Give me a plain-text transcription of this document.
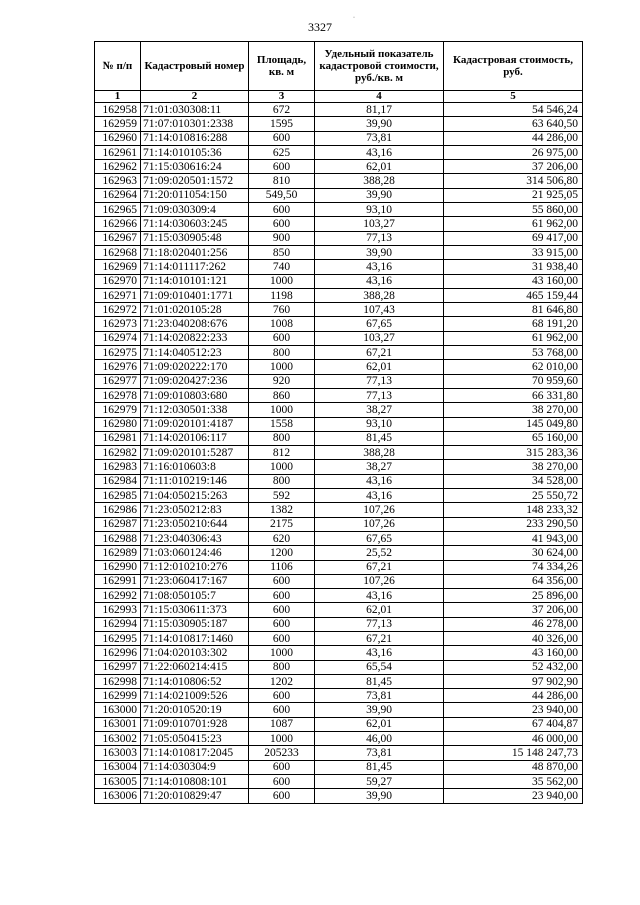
3327
·
№ п/п	Кадастровый номер	Площадь, кв. м	Удельный показатель кадастровой стоимости, руб./кв. м	Кадастровая стоимость, руб.
1	2	3	4	5
162958	71:01:030308:11	672	81,17	54 546,24
162959	71:07:010301:2338	1595	39,90	63 640,50
162960	71:14:010816:288	600	73,81	44 286,00
162961	71:14:010105:36	625	43,16	26 975,00
162962	71:15:030616:24	600	62,01	37 206,00
162963	71:09:020501:1572	810	388,28	314 506,80
162964	71:20:011054:150	549,50	39,90	21 925,05
162965	71:09:030309:4	600	93,10	55 860,00
162966	71:14:030603:245	600	103,27	61 962,00
162967	71:15:030905:48	900	77,13	69 417,00
162968	71:18:020401:256	850	39,90	33 915,00
162969	71:14:011117:262	740	43,16	31 938,40
162970	71:14:010101:121	1000	43,16	43 160,00
162971	71:09:010401:1771	1198	388,28	465 159,44
162972	71:01:020105:28	760	107,43	81 646,80
162973	71:23:040208:676	1008	67,65	68 191,20
162974	71:14:020822:233	600	103,27	61 962,00
162975	71:14:040512:23	800	67,21	53 768,00
162976	71:09:020222:170	1000	62,01	62 010,00
162977	71:09:020427:236	920	77,13	70 959,60
162978	71:09:010803:680	860	77,13	66 331,80
162979	71:12:030501:338	1000	38,27	38 270,00
162980	71:09:020101:4187	1558	93,10	145 049,80
162981	71:14:020106:117	800	81,45	65 160,00
162982	71:09:020101:5287	812	388,28	315 283,36
162983	71:16:010603:8	1000	38,27	38 270,00
162984	71:11:010219:146	800	43,16	34 528,00
162985	71:04:050215:263	592	43,16	25 550,72
162986	71:23:050212:83	1382	107,26	148 233,32
162987	71:23:050210:644	2175	107,26	233 290,50
162988	71:23:040306:43	620	67,65	41 943,00
162989	71:03:060124:46	1200	25,52	30 624,00
162990	71:12:010210:276	1106	67,21	74 334,26
162991	71:23:060417:167	600	107,26	64 356,00
162992	71:08:050105:7	600	43,16	25 896,00
162993	71:15:030611:373	600	62,01	37 206,00
162994	71:15:030905:187	600	77,13	46 278,00
162995	71:14:010817:1460	600	67,21	40 326,00
162996	71:04:020103:302	1000	43,16	43 160,00
162997	71:22:060214:415	800	65,54	52 432,00
162998	71:14:010806:52	1202	81,45	97 902,90
162999	71:14:021009:526	600	73,81	44 286,00
163000	71:20:010520:19	600	39,90	23 940,00
163001	71:09:010701:928	1087	62,01	67 404,87
163002	71:05:050415:23	1000	46,00	46 000,00
163003	71:14:010817:2045	205233	73,81	15 148 247,73
163004	71:14:030304:9	600	81,45	48 870,00
163005	71:14:010808:101	600	59,27	35 562,00
163006	71:20:010829:47	600	39,90	23 940,00
